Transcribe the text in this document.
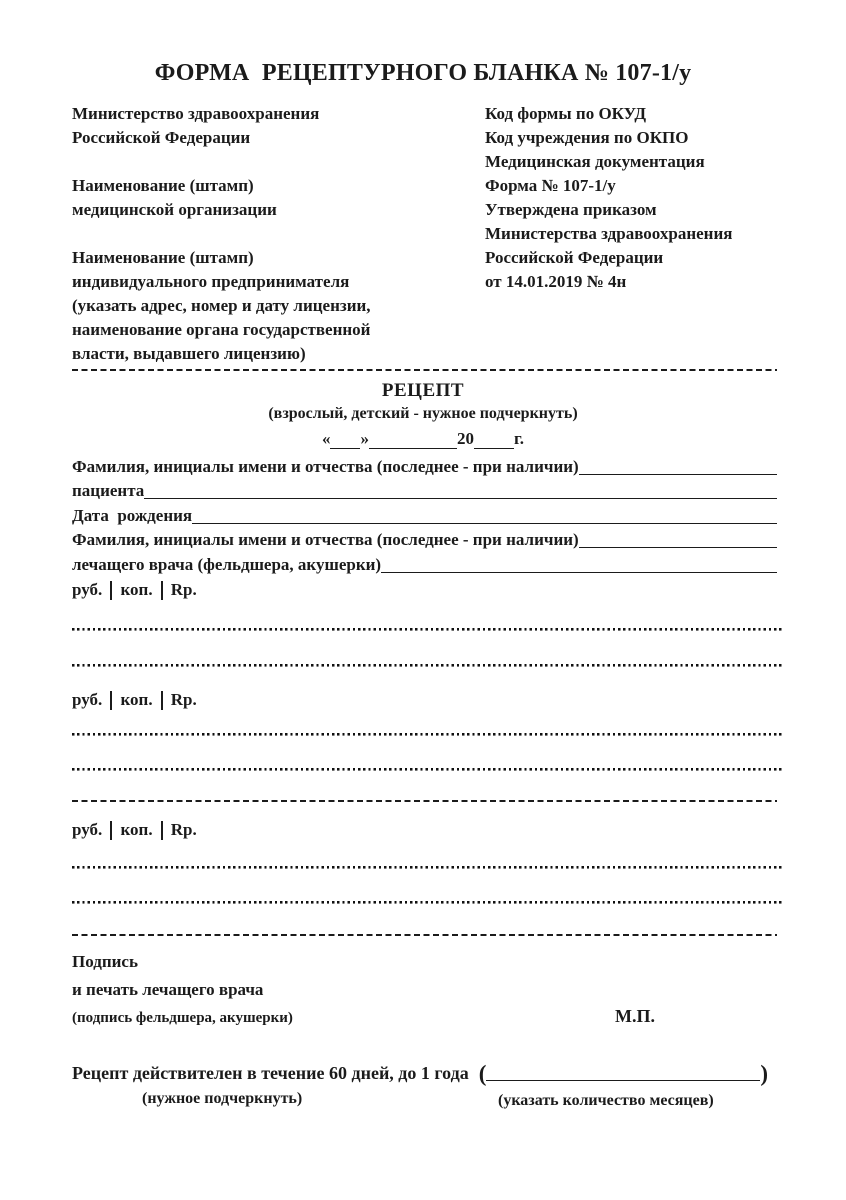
ФОРМА  РЕЦЕПТУРНОГО БЛАНКА № 107-1/у
Министерство здравоохранения
Российской Федерации
Наименование (штамп)
медицинской организации
Наименование (штамп)
индивидуального предпринимателя
(указать адрес, номер и дату лицензии,
наименование органа государственной
власти, выдавшего лицензию)
Код формы по ОКУД
Код учреждения по ОКПО
Медицинская документация
Форма № 107-1/у
Утверждена приказом
Министерства здравоохранения
Российской Федерации
от 14.01.2019 № 4н
РЕЦЕПТ
(взрослый, детский - нужное подчеркнуть)
« »	20 г.
Фамилия, инициалы имени и отчества (последнее - при наличии)
пациента
Дата  рождения
Фамилия, инициалы имени и отчества (последнее - при наличии)
лечащего врача (фельдшера, акушерки)
руб. коп. Rp.
руб. коп. Rp.
руб. коп. Rp.
Подпись
и печать лечащего врача
(подпись фельдшера, акушерки)	М.П.
Рецепт действителен в течение 60 дней, до 1 года (	)
(нужное подчеркнуть)	(указать количество месяцев)
